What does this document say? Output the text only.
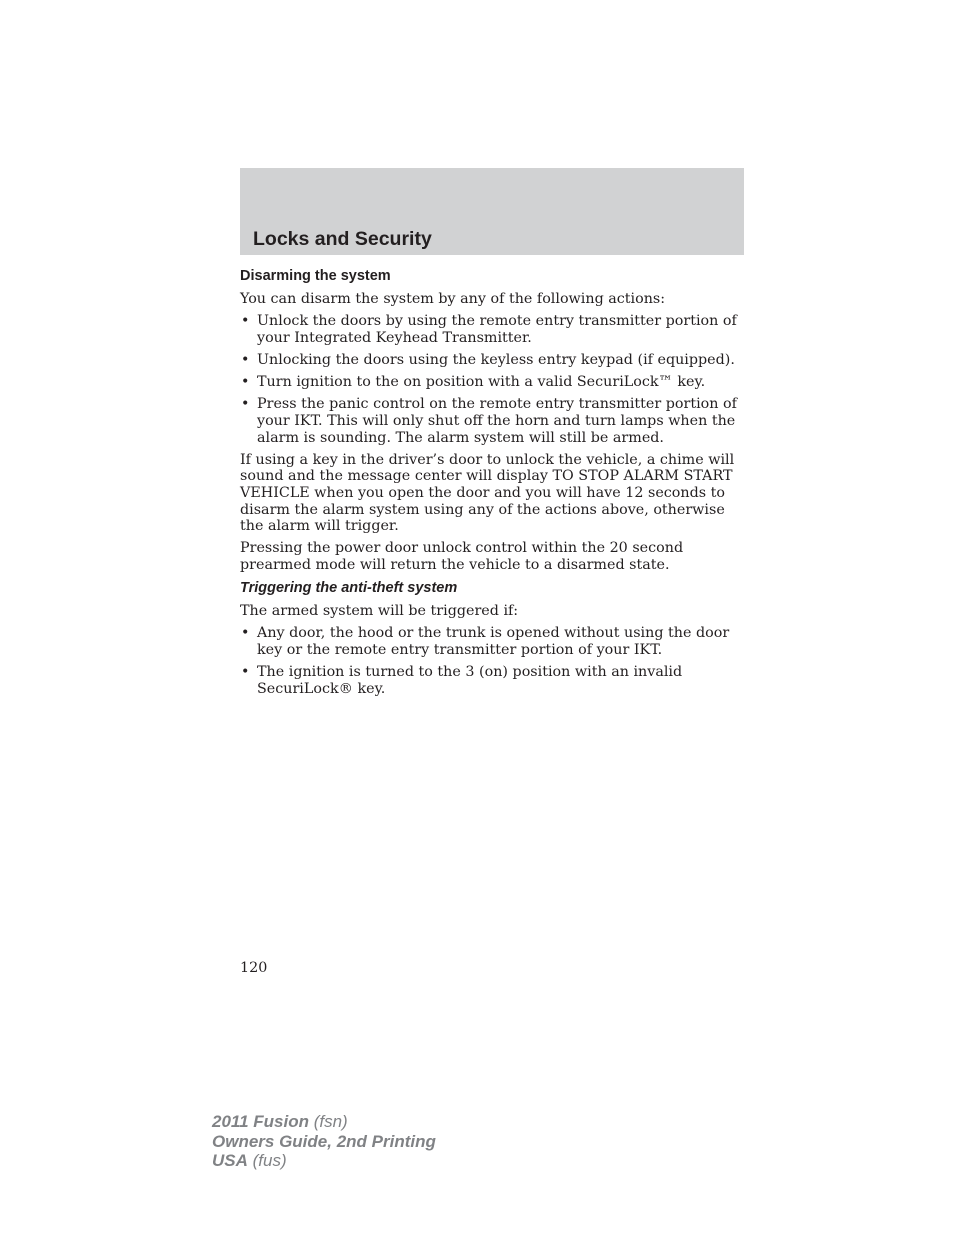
Locks and Security
Disarming the system

You can disarm the system by any of the following actions:

• Unlock the doors by using the remote entry transmitter portion of your Integrated Keyhead Transmitter.
• Unlocking the doors using the keyless entry keypad (if equipped).
• Turn ignition to the on position with a valid SecuriLock™ key.
• Press the panic control on the remote entry transmitter portion of your IKT. This will only shut off the horn and turn lamps when the alarm is sounding. The alarm system will still be armed.

If using a key in the driver’s door to unlock the vehicle, a chime will sound and the message center will display TO STOP ALARM START VEHICLE when you open the door and you will have 12 seconds to disarm the alarm system using any of the actions above, otherwise the alarm will trigger.

Pressing the power door unlock control within the 20 second prearmed mode will return the vehicle to a disarmed state.

Triggering the anti-theft system

The armed system will be triggered if:

• Any door, the hood or the trunk is opened without using the door key or the remote entry transmitter portion of your IKT.
• The ignition is turned to the 3 (on) position with an invalid SecuriLock® key.
120
2011 Fusion (fsn)
Owners Guide, 2nd Printing
USA (fus)
